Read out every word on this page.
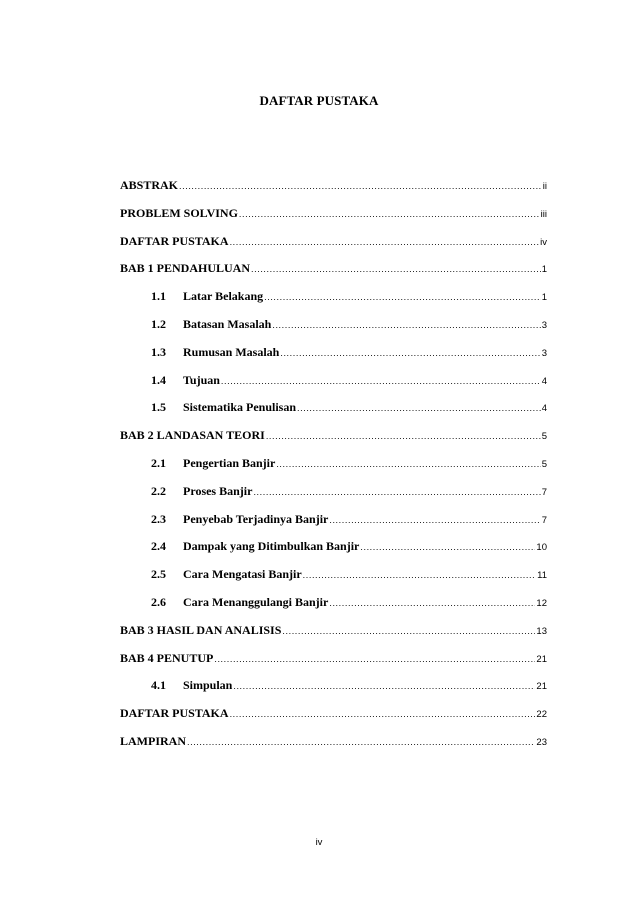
DAFTAR PUSTAKA
ABSTRAK .....	ii
PROBLEM SOLVING .....	iii
DAFTAR PUSTAKA .....	iv
BAB 1 PENDAHULUAN .....	1
1.1	Latar Belakang .....	1
1.2	Batasan Masalah .....	3
1.3	Rumusan Masalah .....	3
1.4	Tujuan .....	4
1.5	Sistematika Penulisan .....	4
BAB 2 LANDASAN TEORI .....	5
2.1	Pengertian Banjir .....	5
2.2	Proses Banjir .....	7
2.3	Penyebab Terjadinya Banjir .....	7
2.4	Dampak yang Ditimbulkan Banjir .....	10
2.5	Cara Mengatasi Banjir .....	11
2.6	Cara Menanggulangi Banjir .....	12
BAB 3 HASIL DAN ANALISIS .....	13
BAB 4 PENUTUP .....	21
4.1	Simpulan .....	21
DAFTAR PUSTAKA .....	22
LAMPIRAN .....	23

iv
